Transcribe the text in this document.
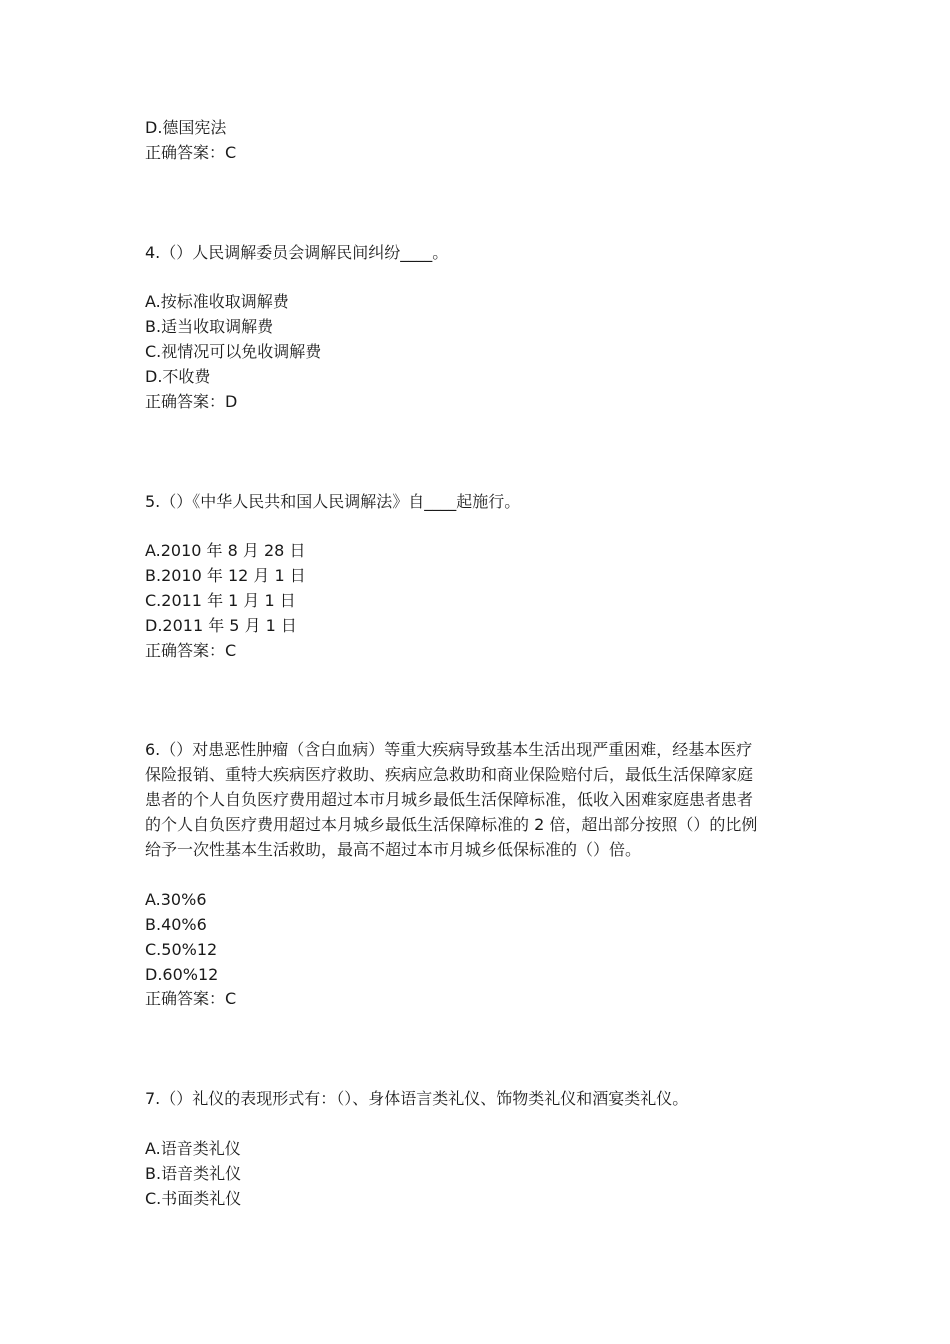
D.德国宪法
正确答案：C
4.（）人民调解委员会调解民间纠纷____。
A.按标准收取调解费
B.适当收取调解费
C.视情况可以免收调解费
D.不收费
正确答案：D
5.（）《中华人民共和国人民调解法》自____起施行。
A.2010 年 8 月 28 日
B.2010 年 12 月 1 日
C.2011 年 1 月 1 日
D.2011 年 5 月 1 日
正确答案：C
6.（）对患恶性肿瘤（含白血病）等重大疾病导致基本生活出现严重困难，经基本医疗
保险报销、重特大疾病医疗救助、疾病应急救助和商业保险赔付后，最低生活保障家庭
患者的个人自负医疗费用超过本市月城乡最低生活保障标准，低收入困难家庭患者患者
的个人自负医疗费用超过本月城乡最低生活保障标准的 2 倍，超出部分按照（）的比例
给予一次性基本生活救助，最高不超过本市月城乡低保标准的（）倍。
A.30%6
B.40%6
C.50%12
D.60%12
正确答案：C
7.（）礼仪的表现形式有：（）、身体语言类礼仪、饰物类礼仪和酒宴类礼仪。
A.语音类礼仪
B.语音类礼仪
C.书面类礼仪
